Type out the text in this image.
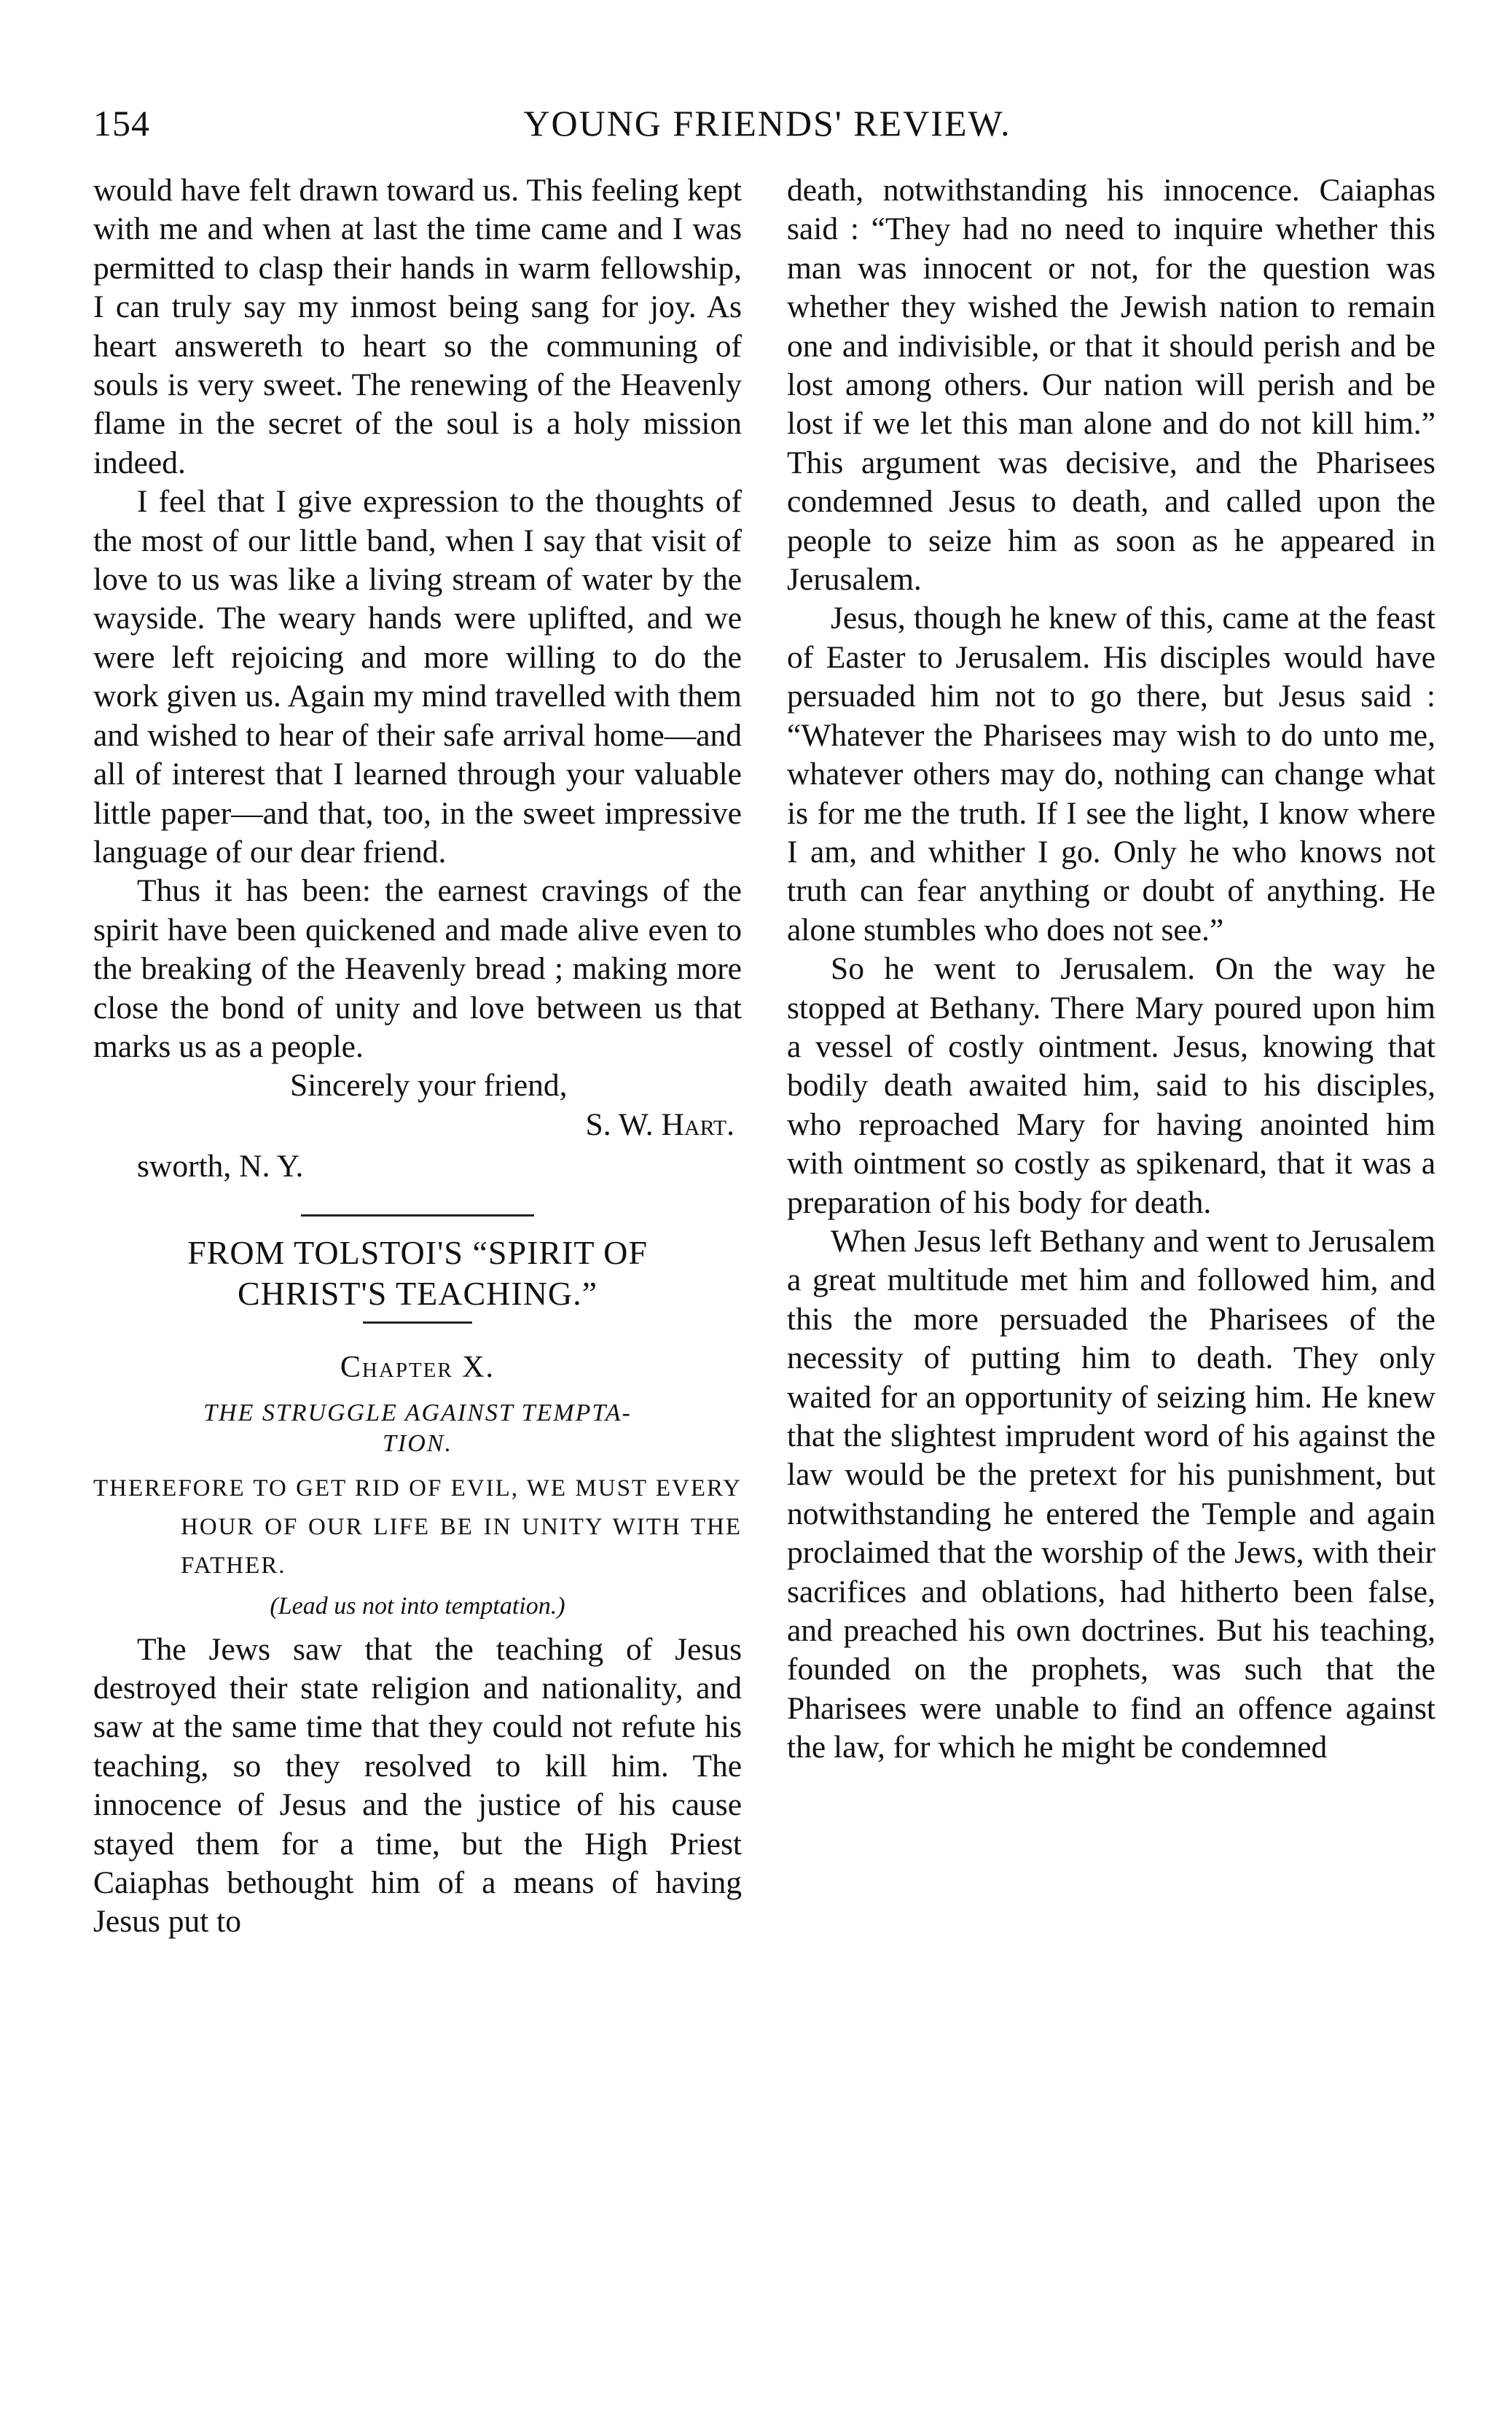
154	YOUNG FRIENDS' REVIEW.

would have felt drawn toward us. This feeling kept with me and when at last the time came and I was permitted to clasp their hands in warm fellowship, I can truly say my inmost being sang for joy. As heart answereth to heart so the communing of souls is very sweet. The renewing of the Heavenly flame in the secret of the soul is a holy mission indeed.

I feel that I give expression to the thoughts of the most of our little band, when I say that visit of love to us was like a living stream of water by the wayside. The weary hands were uplifted, and we were left rejoicing and more willing to do the work given us. Again my mind travelled with them and wished to hear of their safe arrival home—and all of interest that I learned through your valuable little paper—and that, too, in the sweet impressive language of our dear friend.

Thus it has been: the earnest cravings of the spirit have been quickened and made alive even to the breaking of the Heavenly bread ; making more close the bond of unity and love between us that marks us as a people.

Sincerely your friend,
S. W. Hart.
sworth, N. Y.
FROM TOLSTOI'S “SPIRIT OF
CHRIST'S TEACHING.”
Chapter X.
THE STRUGGLE AGAINST TEMPTA-
TION.
THEREFORE TO GET RID OF EVIL, WE MUST EVERY HOUR OF OUR LIFE BE IN UNITY WITH THE FATHER.
(Lead us not into temptation.)

The Jews saw that the teaching of Jesus destroyed their state religion and nationality, and saw at the same time that they could not refute his teaching, so they resolved to kill him. The innocence of Jesus and the justice of his cause stayed them for a time, but the High Priest Caiaphas bethought him of a means of having Jesus put to

death, notwithstanding his innocence. Caiaphas said : “They had no need to inquire whether this man was innocent or not, for the question was whether they wished the Jewish nation to remain one and indivisible, or that it should perish and be lost among others. Our nation will perish and be lost if we let this man alone and do not kill him.” This argument was decisive, and the Pharisees condemned Jesus to death, and called upon the people to seize him as soon as he appeared in Jerusalem.

Jesus, though he knew of this, came at the feast of Easter to Jerusalem. His disciples would have persuaded him not to go there, but Jesus said : “Whatever the Pharisees may wish to do unto me, whatever others may do, nothing can change what is for me the truth. If I see the light, I know where I am, and whither I go. Only he who knows not truth can fear anything or doubt of anything. He alone stumbles who does not see.”

So he went to Jerusalem. On the way he stopped at Bethany. There Mary poured upon him a vessel of costly ointment. Jesus, knowing that bodily death awaited him, said to his disciples, who reproached Mary for having anointed him with ointment so costly as spikenard, that it was a preparation of his body for death.

When Jesus left Bethany and went to Jerusalem a great multitude met him and followed him, and this the more persuaded the Pharisees of the necessity of putting him to death. They only waited for an opportunity of seizing him. He knew that the slightest imprudent word of his against the law would be the pretext for his punishment, but notwithstanding he entered the Temple and again proclaimed that the worship of the Jews, with their sacrifices and oblations, had hitherto been false, and preached his own doctrines. But his teaching, founded on the prophets, was such that the Pharisees were unable to find an offence against the law, for which he might be condemned
